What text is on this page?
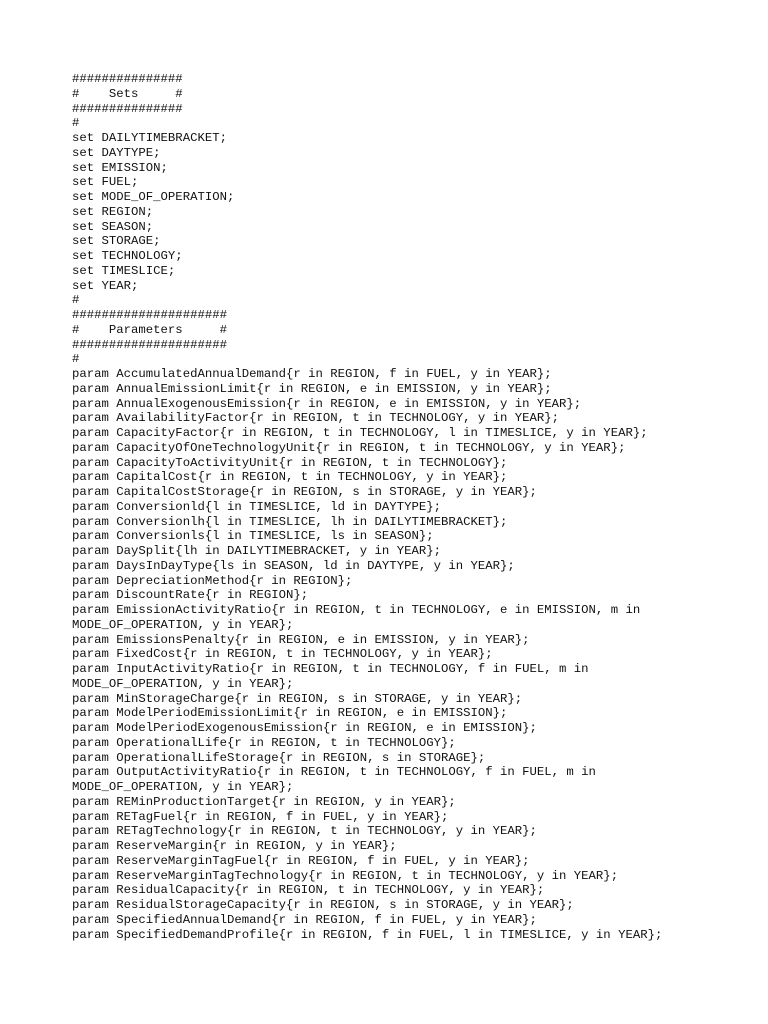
###############
#    Sets     #
###############
#
set DAILYTIMEBRACKET;
set DAYTYPE;
set EMISSION;
set FUEL;
set MODE_OF_OPERATION;
set REGION;
set SEASON;
set STORAGE;
set TECHNOLOGY;
set TIMESLICE;
set YEAR;
#
#####################
#    Parameters     #
#####################
#
param AccumulatedAnnualDemand{r in REGION, f in FUEL, y in YEAR};
param AnnualEmissionLimit{r in REGION, e in EMISSION, y in YEAR};
param AnnualExogenousEmission{r in REGION, e in EMISSION, y in YEAR};
param AvailabilityFactor{r in REGION, t in TECHNOLOGY, y in YEAR};
param CapacityFactor{r in REGION, t in TECHNOLOGY, l in TIMESLICE, y in YEAR};
param CapacityOfOneTechnologyUnit{r in REGION, t in TECHNOLOGY, y in YEAR};
param CapacityToActivityUnit{r in REGION, t in TECHNOLOGY};
param CapitalCost{r in REGION, t in TECHNOLOGY, y in YEAR};
param CapitalCostStorage{r in REGION, s in STORAGE, y in YEAR};
param Conversionld{l in TIMESLICE, ld in DAYTYPE};
param Conversionlh{l in TIMESLICE, lh in DAILYTIMEBRACKET};
param Conversionls{l in TIMESLICE, ls in SEASON};
param DaySplit{lh in DAILYTIMEBRACKET, y in YEAR};
param DaysInDayType{ls in SEASON, ld in DAYTYPE, y in YEAR};
param DepreciationMethod{r in REGION};
param DiscountRate{r in REGION};
param EmissionActivityRatio{r in REGION, t in TECHNOLOGY, e in EMISSION, m in
MODE_OF_OPERATION, y in YEAR};
param EmissionsPenalty{r in REGION, e in EMISSION, y in YEAR};
param FixedCost{r in REGION, t in TECHNOLOGY, y in YEAR};
param InputActivityRatio{r in REGION, t in TECHNOLOGY, f in FUEL, m in
MODE_OF_OPERATION, y in YEAR};
param MinStorageCharge{r in REGION, s in STORAGE, y in YEAR};
param ModelPeriodEmissionLimit{r in REGION, e in EMISSION};
param ModelPeriodExogenousEmission{r in REGION, e in EMISSION};
param OperationalLife{r in REGION, t in TECHNOLOGY};
param OperationalLifeStorage{r in REGION, s in STORAGE};
param OutputActivityRatio{r in REGION, t in TECHNOLOGY, f in FUEL, m in
MODE_OF_OPERATION, y in YEAR};
param REMinProductionTarget{r in REGION, y in YEAR};
param RETagFuel{r in REGION, f in FUEL, y in YEAR};
param RETagTechnology{r in REGION, t in TECHNOLOGY, y in YEAR};
param ReserveMargin{r in REGION, y in YEAR};
param ReserveMarginTagFuel{r in REGION, f in FUEL, y in YEAR};
param ReserveMarginTagTechnology{r in REGION, t in TECHNOLOGY, y in YEAR};
param ResidualCapacity{r in REGION, t in TECHNOLOGY, y in YEAR};
param ResidualStorageCapacity{r in REGION, s in STORAGE, y in YEAR};
param SpecifiedAnnualDemand{r in REGION, f in FUEL, y in YEAR};
param SpecifiedDemandProfile{r in REGION, f in FUEL, l in TIMESLICE, y in YEAR};
